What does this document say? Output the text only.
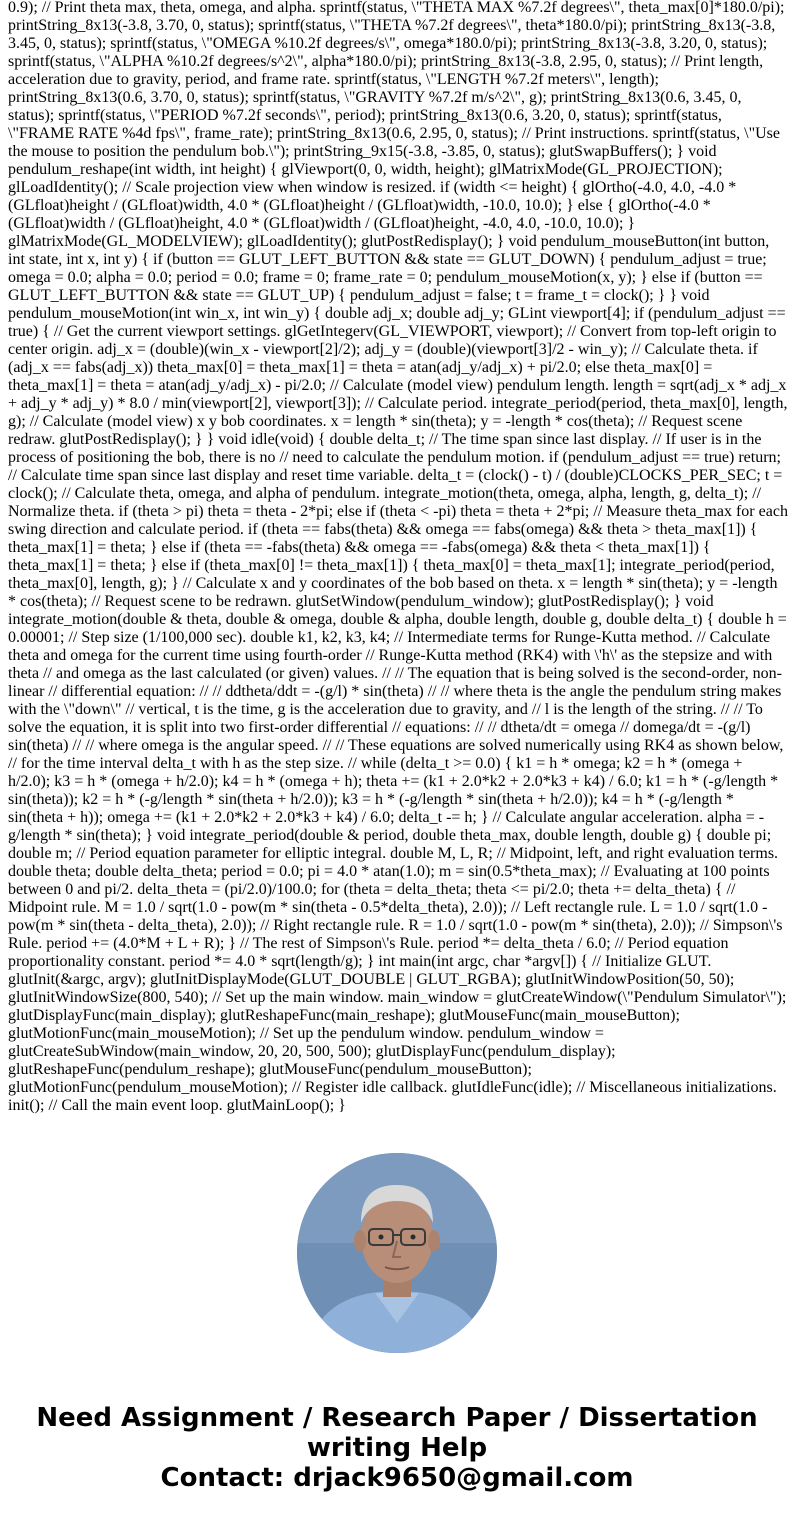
0.9); // Print theta max, theta, omega, and alpha. sprintf(status, \"THETA MAX %7.2f degrees\", theta_max[0]*180.0/pi); printString_8x13(-3.8, 3.70, 0, status); sprintf(status, \"THETA %7.2f degrees\", theta*180.0/pi); printString_8x13(-3.8, 3.45, 0, status); sprintf(status, \"OMEGA %10.2f degrees/s\", omega*180.0/pi); printString_8x13(-3.8, 3.20, 0, status); sprintf(status, \"ALPHA %10.2f degrees/s^2\", alpha*180.0/pi); printString_8x13(-3.8, 2.95, 0, status); // Print length, acceleration due to gravity, period, and frame rate. sprintf(status, \"LENGTH %7.2f meters\", length); printString_8x13(0.6, 3.70, 0, status); sprintf(status, \"GRAVITY %7.2f m/s^2\", g); printString_8x13(0.6, 3.45, 0, status); sprintf(status, \"PERIOD %7.2f seconds\", period); printString_8x13(0.6, 3.20, 0, status); sprintf(status, \"FRAME RATE %4d fps\", frame_rate); printString_8x13(0.6, 2.95, 0, status); // Print instructions. sprintf(status, \"Use the mouse to position the pendulum bob.\"); printString_9x15(-3.8, -3.85, 0, status); glutSwapBuffers(); } void pendulum_reshape(int width, int height) { glViewport(0, 0, width, height); glMatrixMode(GL_PROJECTION); glLoadIdentity(); // Scale projection view when window is resized. if (width <= height) { glOrtho(-4.0, 4.0, -4.0 * (GLfloat)height / (GLfloat)width, 4.0 * (GLfloat)height / (GLfloat)width, -10.0, 10.0); } else { glOrtho(-4.0 * (GLfloat)width / (GLfloat)height, 4.0 * (GLfloat)width / (GLfloat)height, -4.0, 4.0, -10.0, 10.0); } glMatrixMode(GL_MODELVIEW); glLoadIdentity(); glutPostRedisplay(); } void pendulum_mouseButton(int button, int state, int x, int y) { if (button == GLUT_LEFT_BUTTON && state == GLUT_DOWN) { pendulum_adjust = true; omega = 0.0; alpha = 0.0; period = 0.0; frame = 0; frame_rate = 0; pendulum_mouseMotion(x, y); } else if (button == GLUT_LEFT_BUTTON && state == GLUT_UP) { pendulum_adjust = false; t = frame_t = clock(); } } void pendulum_mouseMotion(int win_x, int win_y) { double adj_x; double adj_y; GLint viewport[4]; if (pendulum_adjust == true) { // Get the current viewport settings. glGetIntegerv(GL_VIEWPORT, viewport); // Convert from top-left origin to center origin. adj_x = (double)(win_x - viewport[2]/2); adj_y = (double)(viewport[3]/2 - win_y); // Calculate theta. if (adj_x == fabs(adj_x)) theta_max[0] = theta_max[1] = theta = atan(adj_y/adj_x) + pi/2.0; else theta_max[0] = theta_max[1] = theta = atan(adj_y/adj_x) - pi/2.0; // Calculate (model view) pendulum length. length = sqrt(adj_x * adj_x + adj_y * adj_y) * 8.0 / min(viewport[2], viewport[3]); // Calculate period. integrate_period(period, theta_max[0], length, g); // Calculate (model view) x y bob coordinates. x = length * sin(theta); y = -length * cos(theta); // Request scene redraw. glutPostRedisplay(); } } void idle(void) { double delta_t; // The time span since last display. // If user is in the process of positioning the bob, there is no // need to calculate the pendulum motion. if (pendulum_adjust == true) return; // Calculate time span since last display and reset time variable. delta_t = (clock() - t) / (double)CLOCKS_PER_SEC; t = clock(); // Calculate theta, omega, and alpha of pendulum. integrate_motion(theta, omega, alpha, length, g, delta_t); // Normalize theta. if (theta > pi) theta = theta - 2*pi; else if (theta < -pi) theta = theta + 2*pi; // Measure theta_max for each swing direction and calculate period. if (theta == fabs(theta) && omega == fabs(omega) && theta > theta_max[1]) { theta_max[1] = theta; } else if (theta == -fabs(theta) && omega == -fabs(omega) && theta < theta_max[1]) { theta_max[1] = theta; } else if (theta_max[0] != theta_max[1]) { theta_max[0] = theta_max[1]; integrate_period(period, theta_max[0], length, g); } // Calculate x and y coordinates of the bob based on theta. x = length * sin(theta); y = -length * cos(theta); // Request scene to be redrawn. glutSetWindow(pendulum_window); glutPostRedisplay(); } void integrate_motion(double & theta, double & omega, double & alpha, double length, double g, double delta_t) { double h = 0.00001; // Step size (1/100,000 sec). double k1, k2, k3, k4; // Intermediate terms for Runge-Kutta method. // Calculate theta and omega for the current time using fourth-order // Runge-Kutta method (RK4) with \'h\' as the stepsize and with theta // and omega as the last calculated (or given) values. // // The equation that is being solved is the second-order, non-linear // differential equation: // // ddtheta/ddt = -(g/l) * sin(theta) // // where theta is the angle the pendulum string makes with the \"down\" // vertical, t is the time, g is the acceleration due to gravity, and // l is the length of the string. // // To solve the equation, it is split into two first-order differential // equations: // // dtheta/dt = omega // domega/dt = -(g/l) sin(theta) // // where omega is the angular speed. // // These equations are solved numerically using RK4 as shown below, // for the time interval delta_t with h as the step size. // while (delta_t >= 0.0) { k1 = h * omega; k2 = h * (omega + h/2.0); k3 = h * (omega + h/2.0); k4 = h * (omega + h); theta += (k1 + 2.0*k2 + 2.0*k3 + k4) / 6.0; k1 = h * (-g/length * sin(theta)); k2 = h * (-g/length * sin(theta + h/2.0)); k3 = h * (-g/length * sin(theta + h/2.0)); k4 = h * (-g/length * sin(theta + h)); omega += (k1 + 2.0*k2 + 2.0*k3 + k4) / 6.0; delta_t -= h; } // Calculate angular acceleration. alpha = -g/length * sin(theta); } void integrate_period(double & period, double theta_max, double length, double g) { double pi; double m; // Period equation parameter for elliptic integral. double M, L, R; // Midpoint, left, and right evaluation terms. double theta; double delta_theta; period = 0.0; pi = 4.0 * atan(1.0); m = sin(0.5*theta_max); // Evaluating at 100 points between 0 and pi/2. delta_theta = (pi/2.0)/100.0; for (theta = delta_theta; theta <= pi/2.0; theta += delta_theta) { // Midpoint rule. M = 1.0 / sqrt(1.0 - pow(m * sin(theta - 0.5*delta_theta), 2.0)); // Left rectangle rule. L = 1.0 / sqrt(1.0 - pow(m * sin(theta - delta_theta), 2.0)); // Right rectangle rule. R = 1.0 / sqrt(1.0 - pow(m * sin(theta), 2.0)); // Simpson\'s Rule. period += (4.0*M + L + R); } // The rest of Simpson\'s Rule. period *= delta_theta / 6.0; // Period equation proportionality constant. period *= 4.0 * sqrt(length/g); } int main(int argc, char *argv[]) { // Initialize GLUT. glutInit(&argc, argv); glutInitDisplayMode(GLUT_DOUBLE | GLUT_RGBA); glutInitWindowPosition(50, 50); glutInitWindowSize(800, 540); // Set up the main window. main_window = glutCreateWindow(\"Pendulum Simulator\"); glutDisplayFunc(main_display); glutReshapeFunc(main_reshape); glutMouseFunc(main_mouseButton); glutMotionFunc(main_mouseMotion); // Set up the pendulum window. pendulum_window = glutCreateSubWindow(main_window, 20, 20, 500, 500); glutDisplayFunc(pendulum_display); glutReshapeFunc(pendulum_reshape); glutMouseFunc(pendulum_mouseButton); glutMotionFunc(pendulum_mouseMotion); // Register idle callback. glutIdleFunc(idle); // Miscellaneous initializations. init(); // Call the main event loop. glutMainLoop(); }

Need Assignment / Research Paper / Dissertation
writing Help
Contact: drjack9650@gmail.com
